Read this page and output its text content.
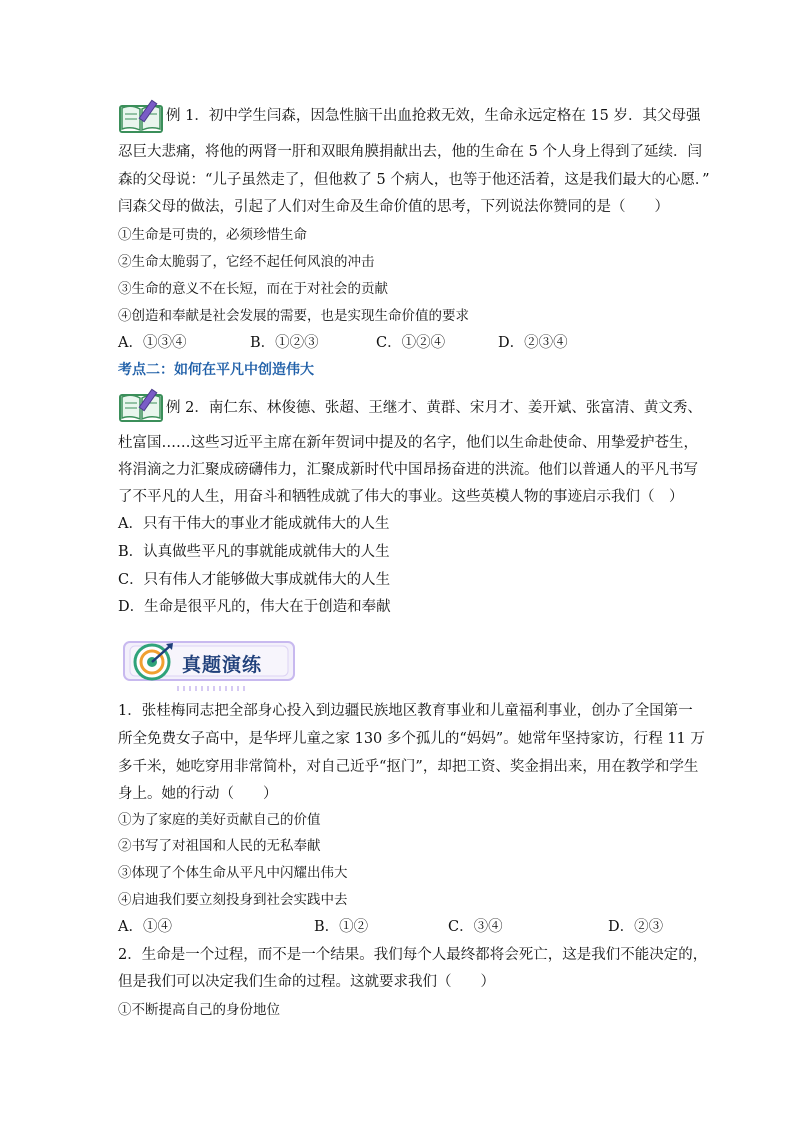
例 1．初中学生闫森，因急性脑干出血抢救无效，生命永远定格在 15 岁．其父母强
忍巨大悲痛，将他的两肾一肝和双眼角膜捐献出去，他的生命在 5 个人身上得到了延续．闫
森的父母说：“儿子虽然走了，但他救了 5 个病人，也等于他还活着，这是我们最大的心愿．”
闫森父母的做法，引起了人们对生命及生命价值的思考，下列说法你赞同的是（　　）
①生命是可贵的，必须珍惜生命
②生命太脆弱了，它经不起任何风浪的冲击
③生命的意义不在长短，而在于对社会的贡献
④创造和奉献是社会发展的需要，也是实现生命价值的要求
A．①③④	B．①②③	C．①②④	D．②③④
考点二：如何在平凡中创造伟大
例 2．南仁东、林俊德、张超、王继才、黄群、宋月才、姜开斌、张富清、黄文秀、
杜富国……这些习近平主席在新年贺词中提及的名字，他们以生命赴使命、用挚爱护苍生，
将涓滴之力汇聚成磅礴伟力，汇聚成新时代中国昂扬奋进的洪流。他们以普通人的平凡书写
了不平凡的人生，用奋斗和牺牲成就了伟大的事业。这些英模人物的事迹启示我们（　）
A．只有干伟大的事业才能成就伟大的人生
B．认真做些平凡的事就能成就伟大的人生
C．只有伟人才能够做大事成就伟大的人生
D．生命是很平凡的，伟大在于创造和奉献
真题演练
1．张桂梅同志把全部身心投入到边疆民族地区教育事业和儿童福利事业，创办了全国第一
所全免费女子高中，是华坪儿童之家 130 多个孤儿的“妈妈”。她常年坚持家访，行程 11 万
多千米，她吃穿用非常简朴，对自己近乎“抠门”，却把工资、奖金捐出来，用在教学和学生
身上。她的行动（　　）
①为了家庭的美好贡献自己的价值
②书写了对祖国和人民的无私奉献
③体现了个体生命从平凡中闪耀出伟大
④启迪我们要立刻投身到社会实践中去
A．①④	B．①②	C．③④	D．②③
2．生命是一个过程，而不是一个结果。我们每个人最终都将会死亡，这是我们不能决定的，
但是我们可以决定我们生命的过程。这就要求我们（　　）
①不断提高自己的身份地位
